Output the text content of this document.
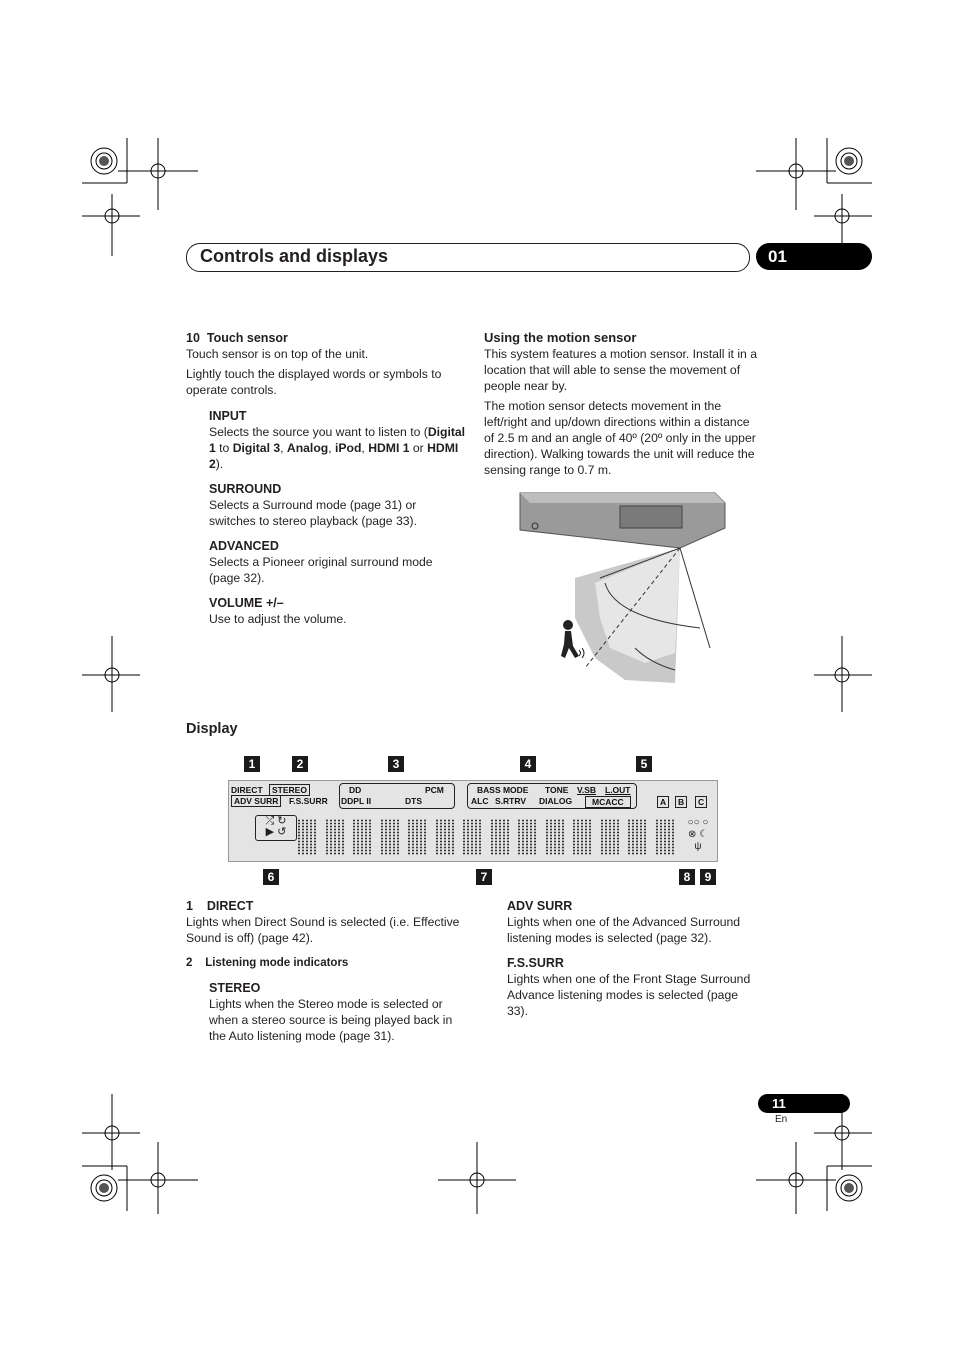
Controls and displays	01
10 Touch sensor
Touch sensor is on top of the unit.
Lightly touch the displayed words or symbols to operate controls.
INPUT
Selects the source you want to listen to (Digital 1 to Digital 3, Analog, iPod, HDMI 1 or HDMI 2).
SURROUND
Selects a Surround mode (page 31) or switches to stereo playback (page 33).
ADVANCED
Selects a Pioneer original surround mode (page 32).
VOLUME +/–
Use to adjust the volume.
Using the motion sensor
This system features a motion sensor. Install it in a location that will able to sense the movement of people near by.
The motion sensor detects movement in the left/right and up/down directions within a distance of 2.5 m and an angle of 40º (20º only in the upper direction). Walking towards the unit will reduce the sensing range to 0.7 m.
Display
1	2	3	4	5
DIRECT	STEREO
ADV SURR	F.S.SURR
DD	PCM
DDPL II	DTS
BASS MODE TONE V.SB L.OUT
ALC S.RTRV DIALOG	MCACC	A	B	C
⤮ ↻
▶ ↺
○○ ○
⊗ ☾
ψ
6	7	8	9
1 DIRECT
Lights when Direct Sound is selected (i.e. Effective Sound is off) (page 42).
2 Listening mode indicators
STEREO
Lights when the Stereo mode is selected or when a stereo source is being played back in the Auto listening mode (page 31).
ADV SURR
Lights when one of the Advanced Surround listening modes is selected (page 32).
F.S.SURR
Lights when one of the Front Stage Surround Advance listening modes is selected (page 33).
11
En
